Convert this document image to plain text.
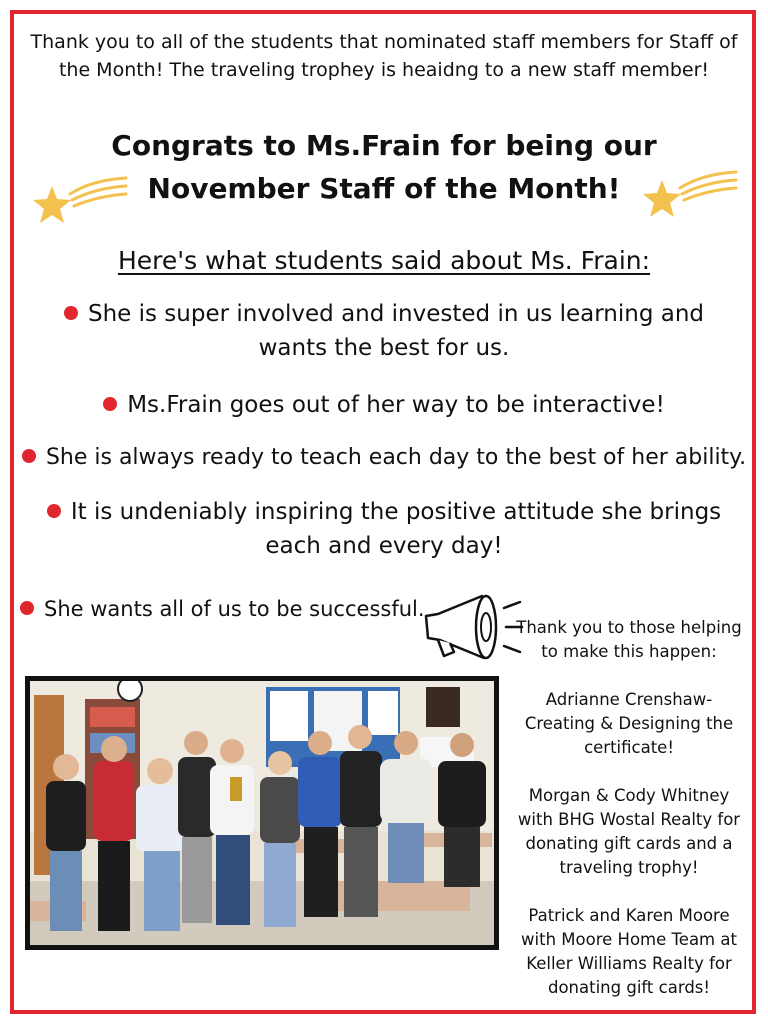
Thank you to all of the students that nominated staff members for Staff of the Month! The traveling trophey is heaidng to a new staff member!
Congrats to Ms.Frain for being our November Staff of the Month!
Here's what students said about Ms. Frain:
She is super involved and invested in us learning and wants the best for us.
Ms.Frain goes out of her way to be interactive!
She is always ready to teach each day to the best of her ability.
It is undeniably inspiring the positive attitude she brings each and every day!
She wants all of us to be successful.
Thank you to those helping to make this happen:
Adrianne Crenshaw- Creating & Designing the certificate!
Morgan & Cody Whitney with BHG Wostal Realty for donating gift cards and a traveling trophy!
Patrick and Karen Moore with Moore Home Team at Keller Williams Realty for donating gift cards!
